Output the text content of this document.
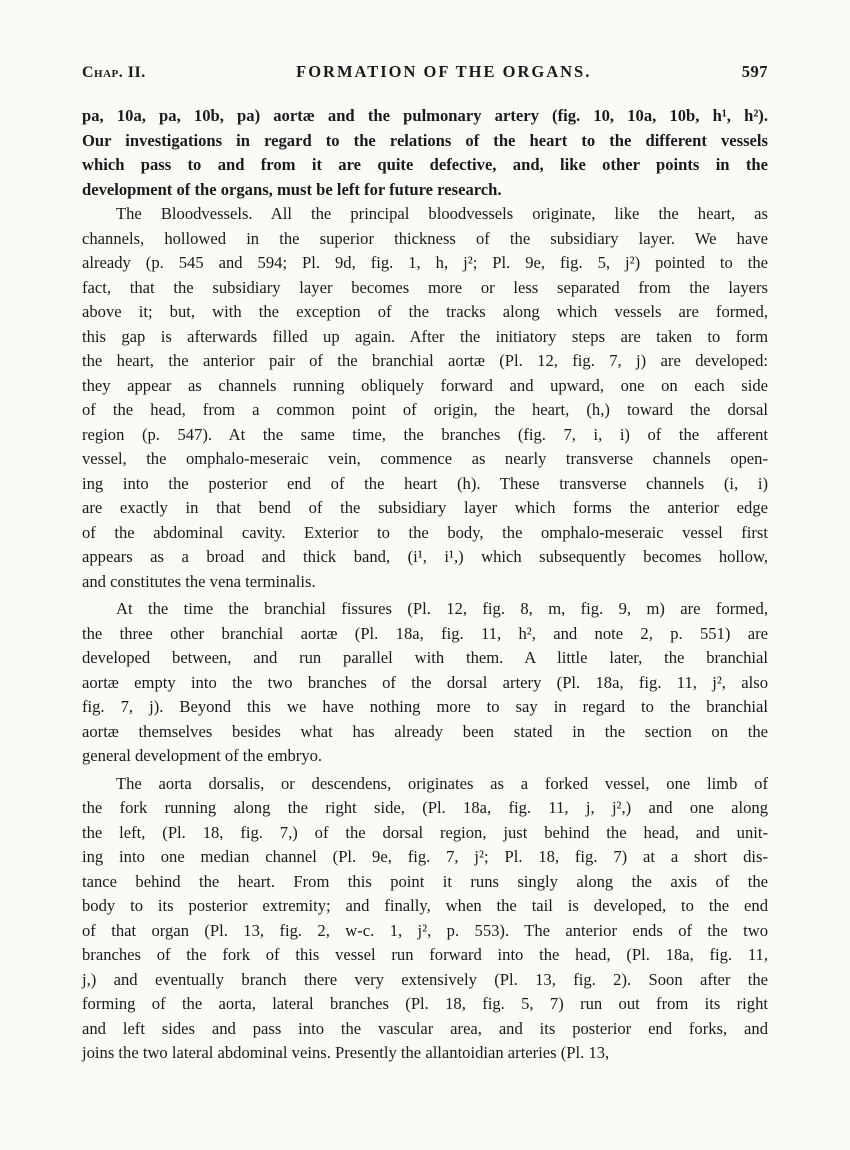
Chap. II.	FORMATION OF THE ORGANS.	597
pa, 10a, pa, 10b, pa) aortæ and the pulmonary artery (fig. 10, 10a, 10b, h¹, h²).
Our investigations in regard to the relations of the heart to the different vessels
which pass to and from it are quite defective, and, like other points in the
development of the organs, must be left for future research.
The Bloodvessels. All the principal bloodvessels originate, like the heart, as
channels, hollowed in the superior thickness of the subsidiary layer. We have
already (p. 545 and 594; Pl. 9d, fig. 1, h, j²; Pl. 9e, fig. 5, j²) pointed to the
fact, that the subsidiary layer becomes more or less separated from the layers
above it; but, with the exception of the tracks along which vessels are formed,
this gap is afterwards filled up again. After the initiatory steps are taken to form
the heart, the anterior pair of the branchial aortæ (Pl. 12, fig. 7, j) are developed:
they appear as channels running obliquely forward and upward, one on each side
of the head, from a common point of origin, the heart, (h,) toward the dorsal
region (p. 547). At the same time, the branches (fig. 7, i, i) of the afferent
vessel, the omphalo-meseraic vein, commence as nearly transverse channels open-
ing into the posterior end of the heart (h). These transverse channels (i, i)
are exactly in that bend of the subsidiary layer which forms the anterior edge
of the abdominal cavity. Exterior to the body, the omphalo-meseraic vessel first
appears as a broad and thick band, (i¹, i¹,) which subsequently becomes hollow,
and constitutes the vena terminalis.
At the time the branchial fissures (Pl. 12, fig. 8, m, fig. 9, m) are formed,
the three other branchial aortæ (Pl. 18a, fig. 11, h², and note 2, p. 551) are
developed between, and run parallel with them. A little later, the branchial
aortæ empty into the two branches of the dorsal artery (Pl. 18a, fig. 11, j², also
fig. 7, j). Beyond this we have nothing more to say in regard to the branchial
aortæ themselves besides what has already been stated in the section on the
general development of the embryo.
The aorta dorsalis, or descendens, originates as a forked vessel, one limb of
the fork running along the right side, (Pl. 18a, fig. 11, j, j²,) and one along
the left, (Pl. 18, fig. 7,) of the dorsal region, just behind the head, and unit-
ing into one median channel (Pl. 9e, fig. 7, j²; Pl. 18, fig. 7) at a short dis-
tance behind the heart. From this point it runs singly along the axis of the
body to its posterior extremity; and finally, when the tail is developed, to the end
of that organ (Pl. 13, fig. 2, w-c. 1, j², p. 553). The anterior ends of the two
branches of the fork of this vessel run forward into the head, (Pl. 18a, fig. 11,
j,) and eventually branch there very extensively (Pl. 13, fig. 2). Soon after the
forming of the aorta, lateral branches (Pl. 18, fig. 5, 7) run out from its right
and left sides and pass into the vascular area, and its posterior end forks, and
joins the two lateral abdominal veins. Presently the allantoidian arteries (Pl. 13,
